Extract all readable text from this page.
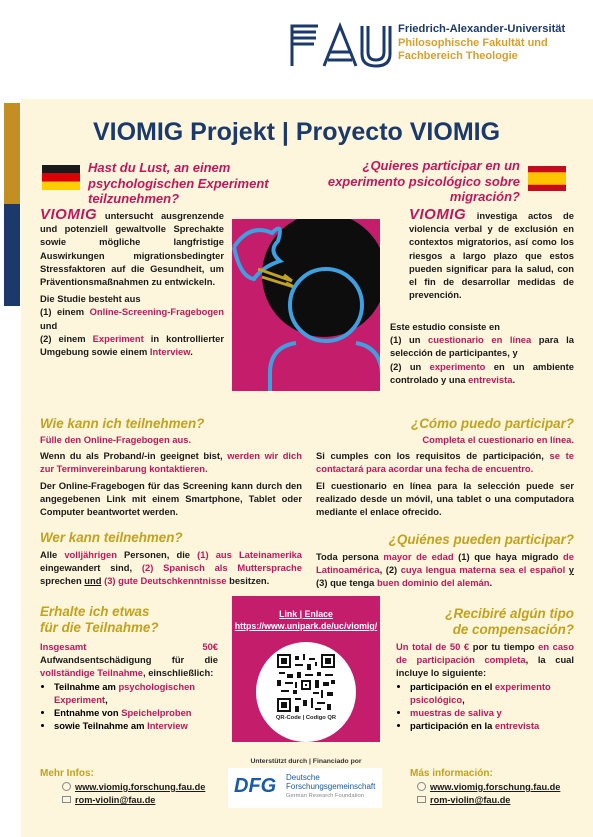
Friedrich-Alexander-Universität

Philosophische Fakultät und
Fachbereich Theologie

VIOMIG Projekt | Proyecto VIOMIG

Hast du Lust, an einem psychologischen Experiment teilzunehmen?

¿Quieres participar en un experimento psicológico sobre migración?

VIOMIG untersucht ausgrenzende und potenziell gewaltvolle Sprechakte sowie mögliche langfristige Auswirkungen migrationsbedingter Stressfaktoren auf die Gesundheit, um Präventionsmaßnahmen zu entwickeln.

Die Studie besteht aus

(1) einem Online-Screening-Fragebogen und

(2) einem Experiment in kontrollierter Umgebung sowie einem Interview.

VIOMIG investiga actos de violencia verbal y de exclusión en contextos migratorios, así como los riesgos a largo plazo que estos pueden significar para la salud, con el fin de desarrollar medidas de prevención.

Este estudio consiste en

(1) un cuestionario en línea para la selección de participantes, y

(2) un experimento en un ambiente controlado y una entrevista.

Wie kann ich teilnehmen?

Fülle den Online-Fragebogen aus.

Wenn du als Proband/-in geeignet bist, werden wir dich zur Terminvereinbarung kontaktieren.

Der Online-Fragebogen für das Screening kann durch den angegebenen Link mit einem Smartphone, Tablet oder Computer beantwortet werden.

¿Cómo puedo participar?

Completa el cuestionario en línea.

Si cumples con los requisitos de participación, se te contactará para acordar una fecha de encuentro.

El cuestionario en línea para la selección puede ser realizado desde un móvil, una tablet o una computadora mediante el enlace ofrecido.

Wer kann teilnehmen?

Alle volljährigen Personen, die (1) aus Lateinamerika eingewandert sind, (2) Spanisch als Muttersprache sprechen und (3) gute Deutschkenntnisse besitzen.

¿Quiénes pueden participar?

Toda persona mayor de edad (1) que haya migrado de Latinoamérica, (2) cuya lengua materna sea el español y (3) que tenga buen dominio del alemán.

Erhalte ich etwas
für die Teilnahme?

Insgesamt 50€ Aufwandsentschädigung für die vollständige Teilnahme, einschließlich:

• Teilnahme am psychologischen Experiment,
• Entnahme von Speichelproben
• sowie Teilnahme am Interview

¿Recibiré algún tipo
de compensación?

Un total de 50 € por tu tiempo en caso de participación completa, la cual incluye lo siguiente:

• participación en el experimento psicológico,
• muestras de saliva y
• participación en la entrevista

Link | Enlace

https://www.unipark.de/uc/viomig/

QR-Code | Codigo QR

Unterstützt durch | Financiado por

DFG Deutsche
Forschungsgemeinschaft
German Research Foundation

Mehr Infos:

www.viomig.forschung.fau.de

rom-violin@fau.de

Más información:

www.viomig.forschung.fau.de

rom-violin@fau.de
